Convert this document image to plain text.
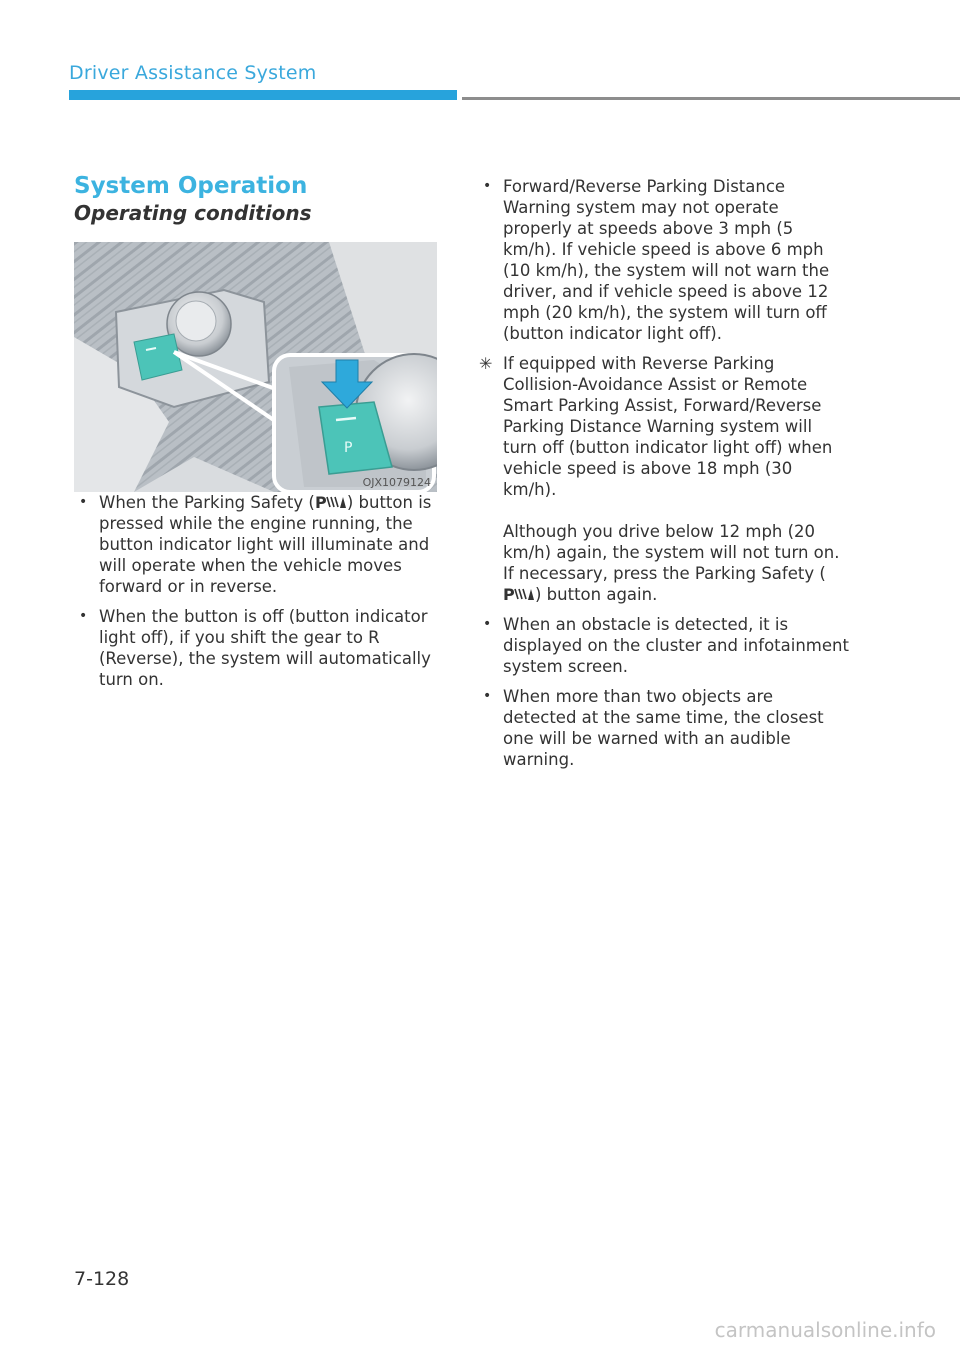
Driver Assistance System
System Operation
Operating conditions
P
OJX1079124
• When the Parking Safety ( P ) button is pressed while the engine running, the button indicator light will illuminate and will operate when the vehicle moves forward or in reverse.
• When the button is off (button indicator light off), if you shift the gear to R (Reverse), the system will automatically turn on.
• Forward/Reverse Parking Distance Warning system may not operate properly at speeds above 3 mph (5 km/h). If vehicle speed is above 6 mph (10 km/h), the system will not warn the driver, and if vehicle speed is above 12 mph (20 km/h), the system will turn off (button indicator light off).
✳ If equipped with Reverse Parking Collision-Avoidance Assist or Remote Smart Parking Assist, Forward/Reverse Parking Distance Warning system will turn off (button indicator light off) when vehicle speed is above 18 mph (30 km/h).
Although you drive below 12 mph (20 km/h) again, the system will not turn on. If necessary, press the Parking Safety (
P ) button again.
• When an obstacle is detected, it is displayed on the cluster and infotainment system screen.
• When more than two objects are detected at the same time, the closest one will be warned with an audible warning.
7-128
carmanualsonline.info
